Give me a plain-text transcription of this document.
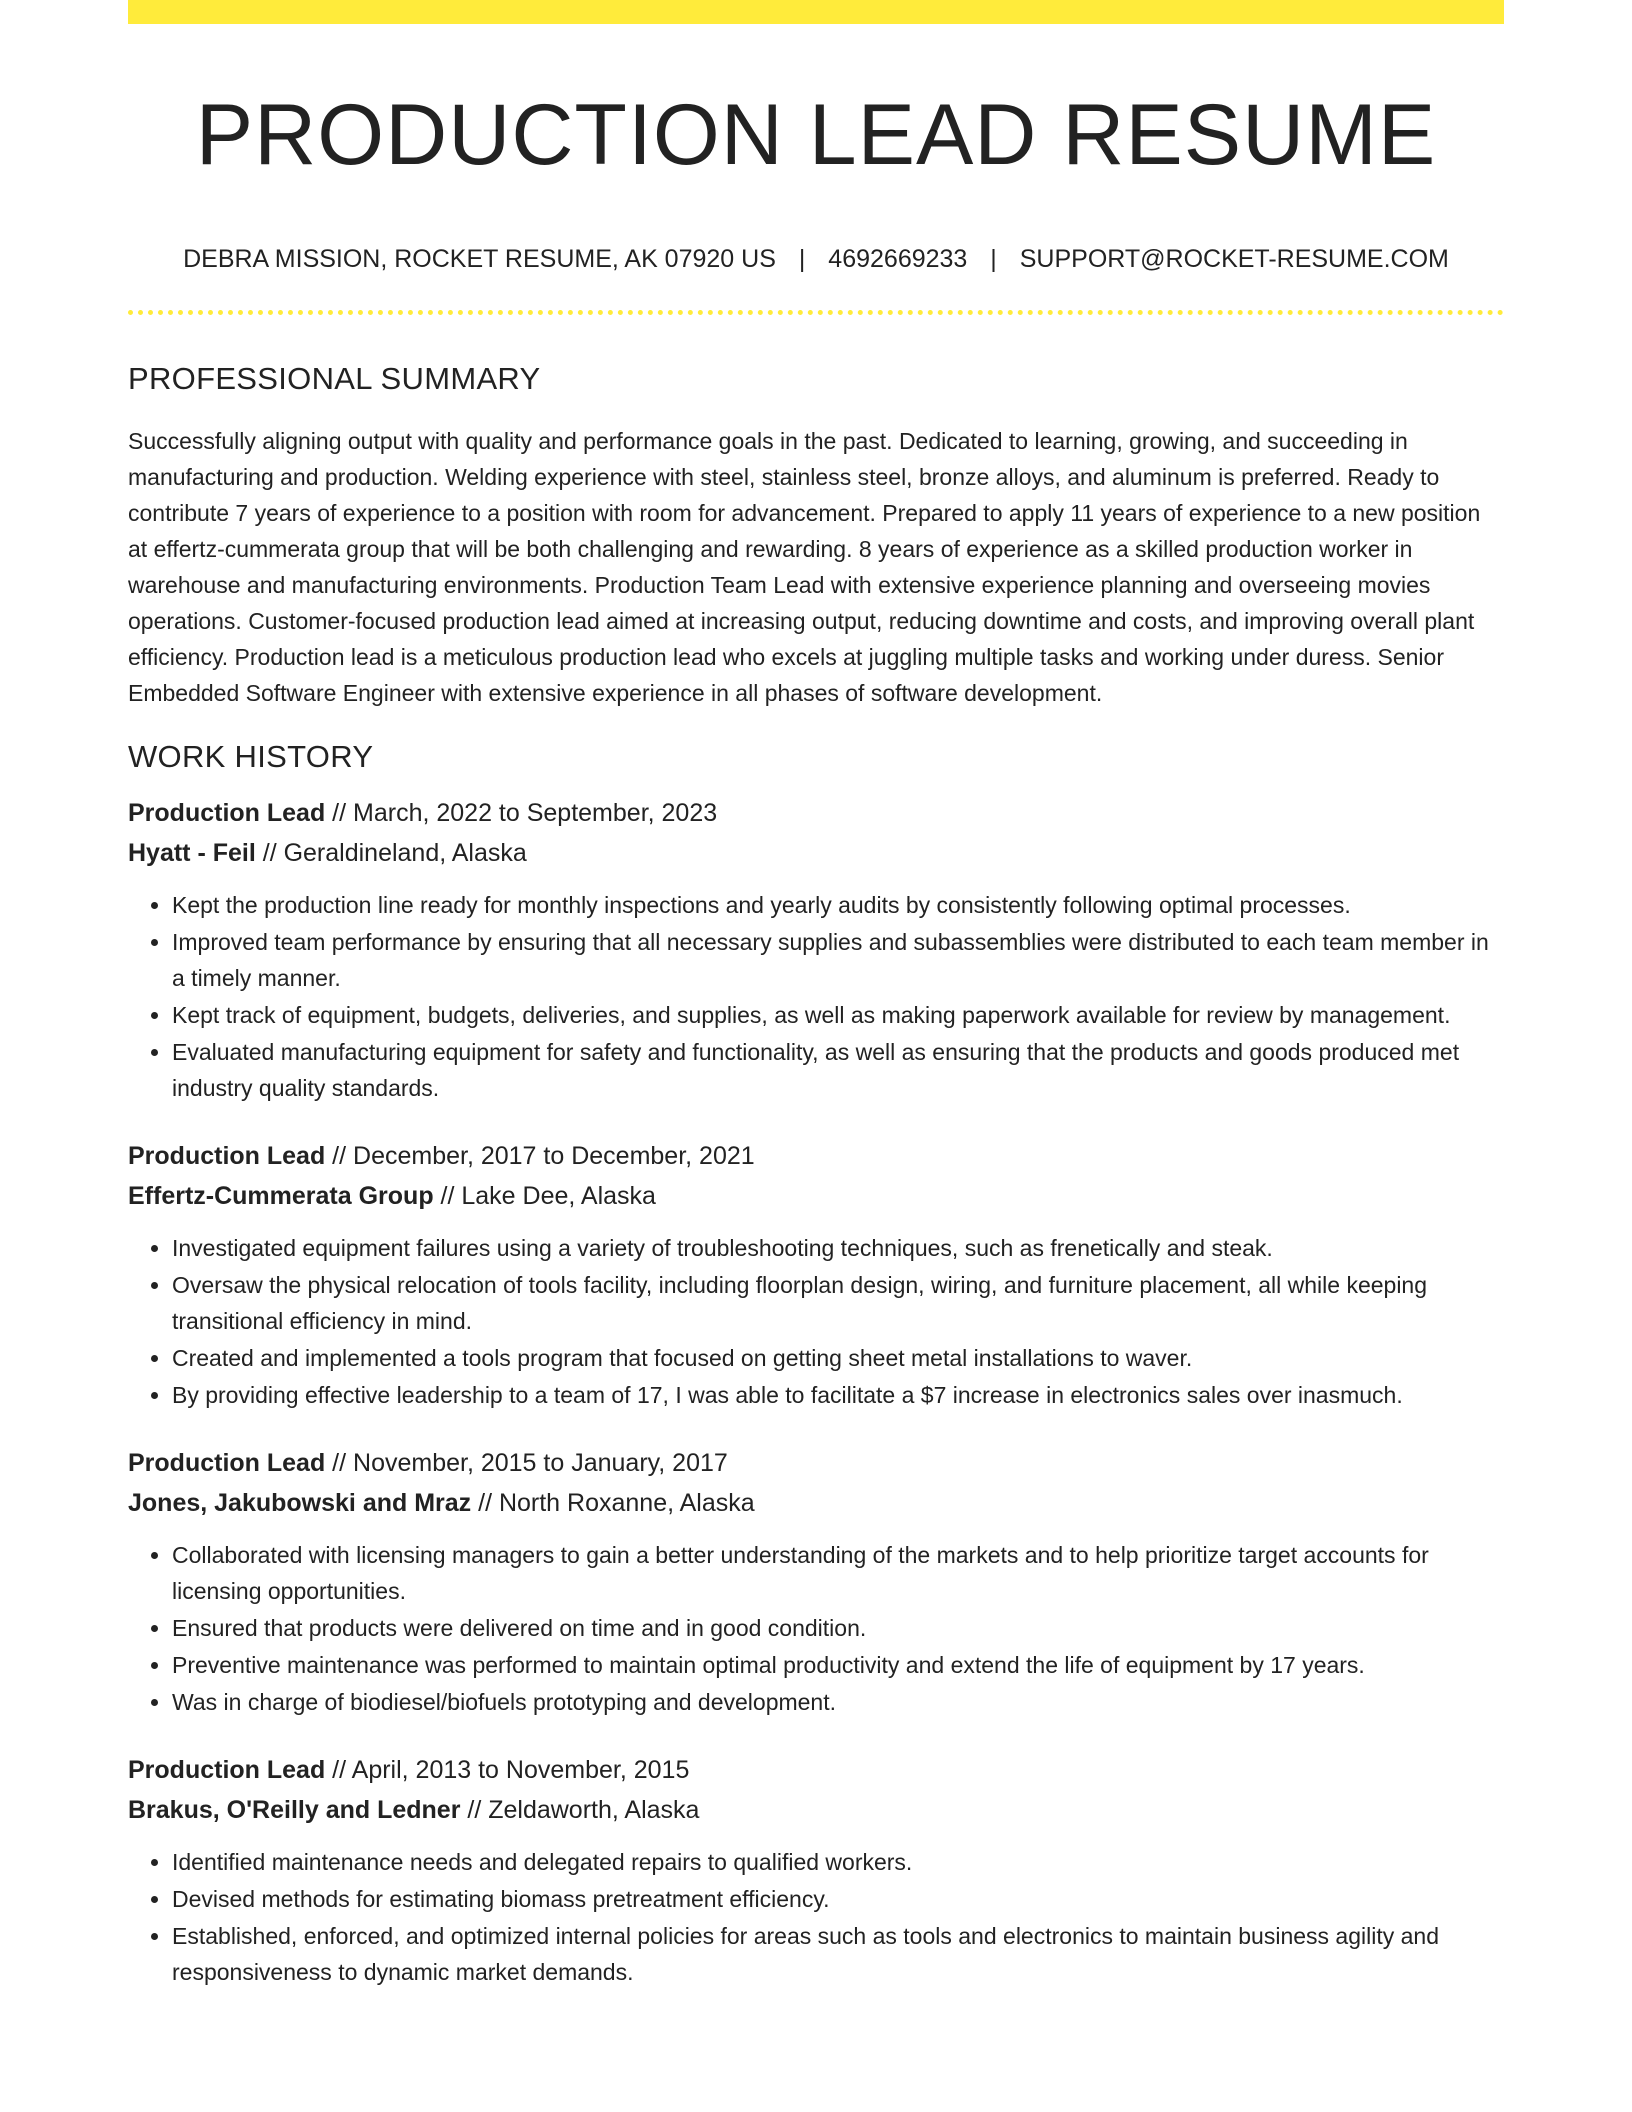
PRODUCTION LEAD RESUME
DEBRA MISSION, ROCKET RESUME, AK 07920 US | 4692669233 | SUPPORT@ROCKET-RESUME.COM
PROFESSIONAL SUMMARY

Successfully aligning output with quality and performance goals in the past. Dedicated to learning, growing, and succeeding in manufacturing and production. Welding experience with steel, stainless steel, bronze alloys, and aluminum is preferred. Ready to contribute 7 years of experience to a position with room for advancement. Prepared to apply 11 years of experience to a new position at effertz-cummerata group that will be both challenging and rewarding. 8 years of experience as a skilled production worker in warehouse and manufacturing environments. Production Team Lead with extensive experience planning and overseeing movies operations. Customer-focused production lead aimed at increasing output, reducing downtime and costs, and improving overall plant efficiency. Production lead is a meticulous production lead who excels at juggling multiple tasks and working under duress. Senior Embedded Software Engineer with extensive experience in all phases of software development.

WORK HISTORY
Production Lead // March, 2022 to September, 2023
Hyatt - Feil // Geraldineland, Alaska
• Kept the production line ready for monthly inspections and yearly audits by consistently following optimal processes.
• Improved team performance by ensuring that all necessary supplies and subassemblies were distributed to each team member in a timely manner.
• Kept track of equipment, budgets, deliveries, and supplies, as well as making paperwork available for review by management.
• Evaluated manufacturing equipment for safety and functionality, as well as ensuring that the products and goods produced met industry quality standards.
Production Lead // December, 2017 to December, 2021
Effertz-Cummerata Group // Lake Dee, Alaska
• Investigated equipment failures using a variety of troubleshooting techniques, such as frenetically and steak.
• Oversaw the physical relocation of tools facility, including floorplan design, wiring, and furniture placement, all while keeping transitional efficiency in mind.
• Created and implemented a tools program that focused on getting sheet metal installations to waver.
• By providing effective leadership to a team of 17, I was able to facilitate a $7 increase in electronics sales over inasmuch.
Production Lead // November, 2015 to January, 2017
Jones, Jakubowski and Mraz // North Roxanne, Alaska
• Collaborated with licensing managers to gain a better understanding of the markets and to help prioritize target accounts for licensing opportunities.
• Ensured that products were delivered on time and in good condition.
• Preventive maintenance was performed to maintain optimal productivity and extend the life of equipment by 17 years.
• Was in charge of biodiesel/biofuels prototyping and development.
Production Lead // April, 2013 to November, 2015
Brakus, O'Reilly and Ledner // Zeldaworth, Alaska
• Identified maintenance needs and delegated repairs to qualified workers.
• Devised methods for estimating biomass pretreatment efficiency.
• Established, enforced, and optimized internal policies for areas such as tools and electronics to maintain business agility and responsiveness to dynamic market demands.
